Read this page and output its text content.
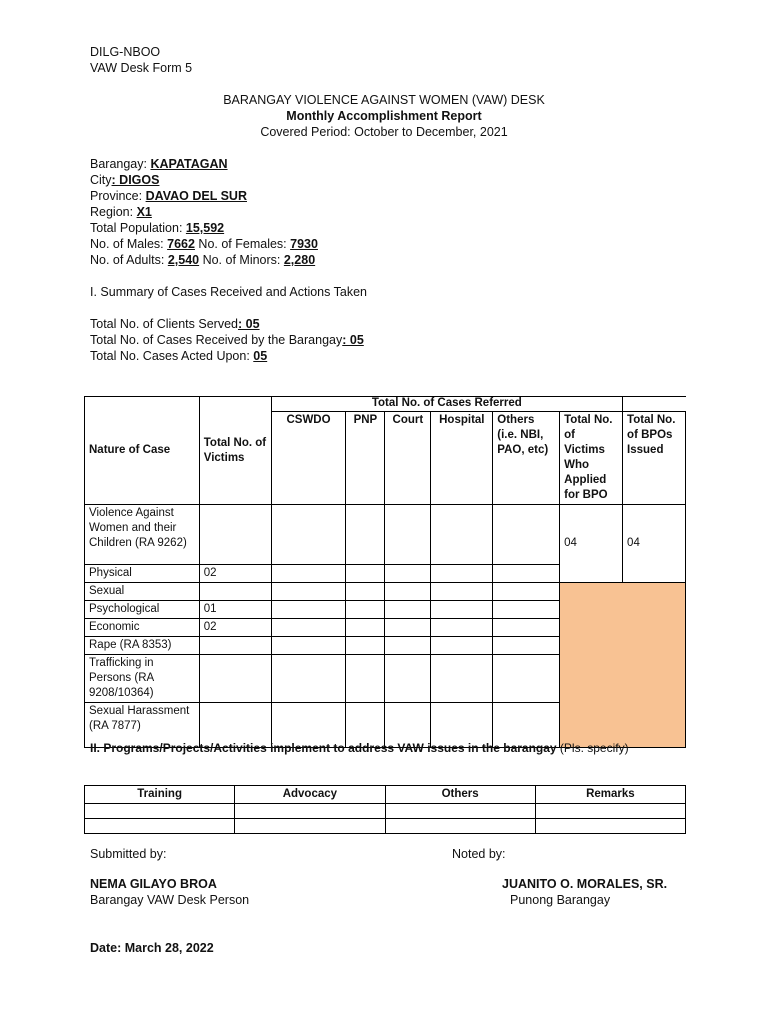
DILG-NBOO
VAW Desk Form 5
BARANGAY VIOLENCE AGAINST WOMEN (VAW) DESK
Monthly Accomplishment Report
Covered Period: October to December, 2021
Barangay: KAPATAGAN
City: DIGOS
Province: DAVAO DEL SUR
Region: X1
Total Population: 15,592
No. of Males: 7662 No. of Females: 7930
No. of Adults: 2,540 No. of Minors: 2,280
I. Summary of Cases Received and Actions Taken
Total No. of Clients Served: 05
Total No. of Cases Received by the Barangay: 05
Total No. Cases Acted Upon: 05
Nature of Case	Total No. of Victims	Total No. of Cases Referred						
		CSWDO	PNP	Court	Hospital	Others (i.e. NBI, PAO, etc)	Total No. of Victims Who Applied for BPO	Total No. of BPOs Issued
Violence Against Women and their Children (RA 9262)							04	04
Physical	02							
Sexual								
Psychological	01							
Economic	02							
Rape (RA 8353)								
Trafficking in Persons (RA 9208/10364)								
Sexual Harassment (RA 7877)								
II. Programs/Projects/Activities implement to address VAW issues in the barangay (Pls. specify)
Training	Advocacy	Others	Remarks

Submitted by:	Noted by:
NEMA GILAYO BROA	JUANITO O. MORALES, SR.
Barangay VAW Desk Person	Punong Barangay
Date: March 28, 2022
